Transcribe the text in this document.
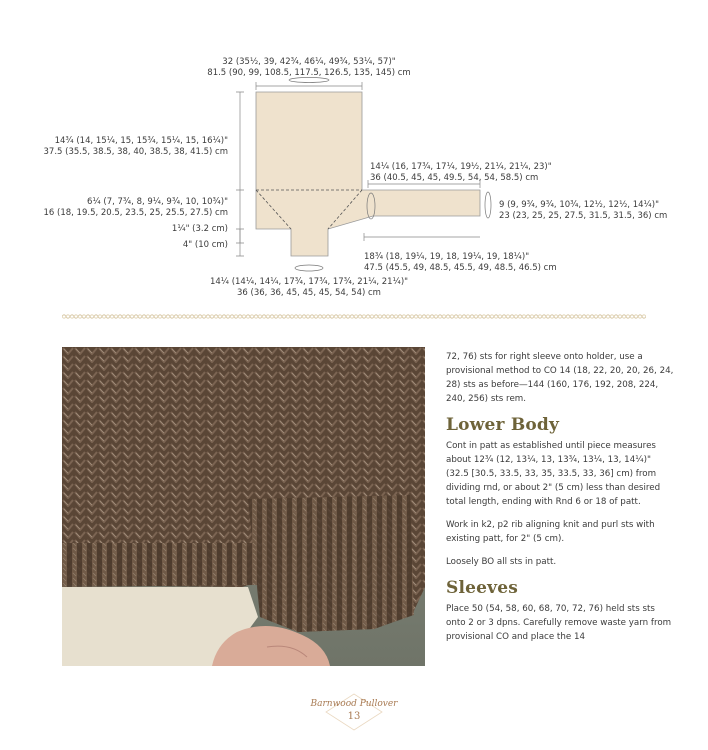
32 (35½, 39, 42¾, 46¼, 49¾, 53¼, 57)"
81.5 (90, 99, 108.5, 117.5, 126.5, 135, 145) cm
14¾ (14, 15¼, 15, 15¾, 15¼, 15, 16¼)"
37.5 (35.5, 38.5, 38, 40, 38.5, 38, 41.5) cm
14¼ (16, 17¾, 17¼, 19½, 21¼, 21¼, 23)"
36 (40.5, 45, 45, 49.5, 54, 54, 58.5) cm
6¼ (7, 7¾, 8, 9¼, 9¾, 10, 10¾)"
16 (18, 19.5, 20.5, 23.5, 25, 25.5, 27.5) cm
9 (9, 9¾, 9¾, 10¾, 12½, 12½, 14¼)"
23 (23, 25, 25, 27.5, 31.5, 31.5, 36) cm
1¼" (3.2 cm)
4" (10 cm)
18¾ (18, 19¼, 19, 18, 19¼, 19, 18¼)"
47.5 (45.5, 49, 48.5, 45.5, 49, 48.5, 46.5) cm
14¼ (14¼, 14¼, 17¾, 17¾, 17¾, 21¼, 21¼)"
36 (36, 36, 45, 45, 45, 54, 54) cm

72, 76) sts for right sleeve onto holder, use a provisional method to CO 14 (18, 22, 20, 20, 26, 24, 28) sts as before—144 (160, 176, 192, 208, 224, 240, 256) sts rem.

Lower Body

Cont in patt as established until piece measures about 12¾ (12, 13¼, 13, 13¾, 13¼, 13, 14¼)" (32.5 [30.5, 33.5, 33, 35, 33.5, 33, 36] cm) from dividing rnd, or about 2" (5 cm) less than desired total length, ending with Rnd 6 or 18 of patt.

Work in k2, p2 rib aligning knit and purl sts with existing patt, for 2" (5 cm).

Loosely BO all sts in patt.

Sleeves

Place 50 (54, 58, 60, 68, 70, 72, 76) held sts sts onto 2 or 3 dpns. Carefully remove waste yarn from provisional CO and place the 14

Barnwood Pullover
13
